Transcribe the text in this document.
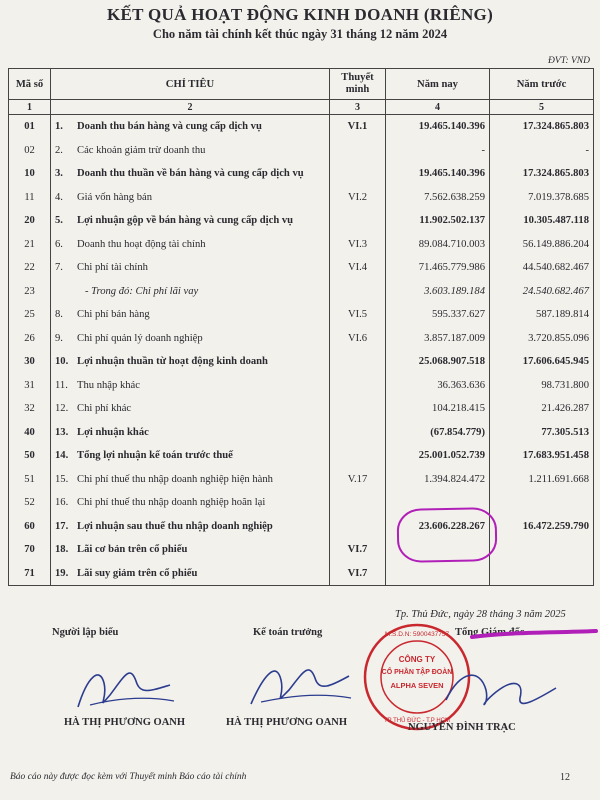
KẾT QUẢ HOẠT ĐỘNG KINH DOANH (RIÊNG)
Cho năm tài chính kết thúc ngày 31 tháng 12 năm 2024
ĐVT: VND
Mã số	CHỈ TIÊU	Thuyết minh	Năm nay	Năm trước
1	2	3	4	5
01	1. Doanh thu bán hàng và cung cấp dịch vụ	VI.1	19.465.140.396	17.324.865.803
02	2. Các khoản giảm trừ doanh thu		-	-
10	3. Doanh thu thuần về bán hàng và cung cấp dịch vụ		19.465.140.396	17.324.865.803
11	4. Giá vốn hàng bán	VI.2	7.562.638.259	7.019.378.685
20	5. Lợi nhuận gộp về bán hàng và cung cấp dịch vụ		11.902.502.137	10.305.487.118
21	6. Doanh thu hoạt động tài chính	VI.3	89.084.710.003	56.149.886.204
22	7. Chi phí tài chính	VI.4	71.465.779.986	44.540.682.467
23	- Trong đó: Chi phí lãi vay		3.603.189.184	24.540.682.467
25	8. Chi phí bán hàng	VI.5	595.337.627	587.189.814
26	9. Chi phí quản lý doanh nghiệp	VI.6	3.857.187.009	3.720.855.096
30	10. Lợi nhuận thuần từ hoạt động kinh doanh		25.068.907.518	17.606.645.945
31	11. Thu nhập khác		36.363.636	98.731.800
32	12. Chi phí khác		104.218.415	21.426.287
40	13. Lợi nhuận khác		(67.854.779)	77.305.513
50	14. Tổng lợi nhuận kế toán trước thuế		25.001.052.739	17.683.951.458
51	15. Chi phí thuế thu nhập doanh nghiệp hiện hành	V.17	1.394.824.472	1.211.691.668
52	16. Chi phí thuế thu nhập doanh nghiệp hoãn lại			
60	17. Lợi nhuận sau thuế thu nhập doanh nghiệp		23.606.228.267	16.472.259.790
70	18. Lãi cơ bản trên cổ phiếu	VI.7		
71	19. Lãi suy giảm trên cổ phiếu	VI.7		
Tp. Thủ Đức, ngày 28 tháng 3 năm 2025
Người lập biểu	Kế toán trưởng	Tổng Giám đốc
CÔNG TY
CỔ PHẦN TẬP ĐOÀN
ALPHA SEVEN
M.S.D.N: 5900437757
TP THỦ ĐỨC - T.P HCM
HÀ THỊ PHƯƠNG OANH	HÀ THỊ PHƯƠNG OANH	NGUYỄN ĐÌNH TRẠC
Báo cáo này được đọc kèm với Thuyết minh Báo cáo tài chính	12
